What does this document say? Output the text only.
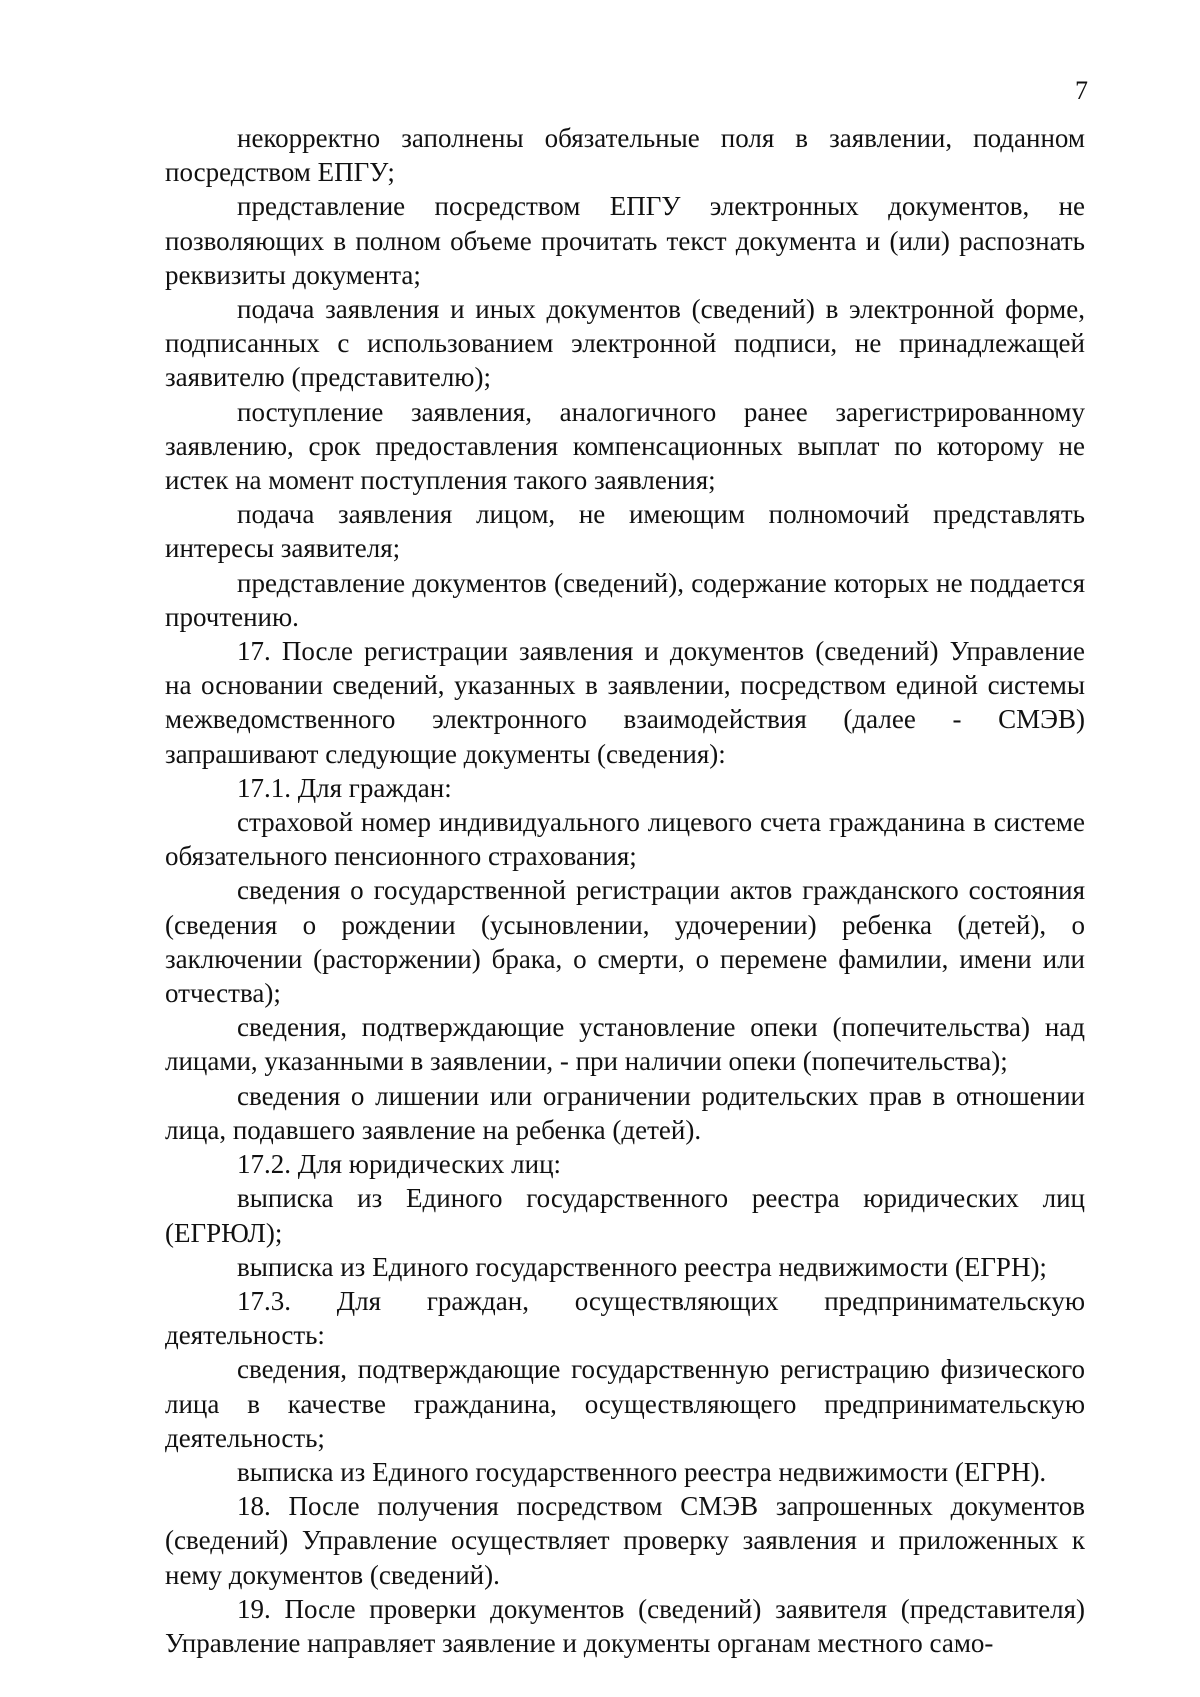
7

некорректно заполнены обязательные поля в заявлении, поданном посредством ЕПГУ;

представление посредством ЕПГУ электронных документов, не позволяющих в полном объеме прочитать текст документа и (или) распознать реквизиты документа;

подача заявления и иных документов (сведений) в электронной форме, подписанных с использованием электронной подписи, не принадлежащей заявителю (представителю);

поступление заявления, аналогичного ранее зарегистрированному заявлению, срок предоставления компенсационных выплат по которому не истек на момент поступления такого заявления;

подача заявления лицом, не имеющим полномочий представлять интересы заявителя;

представление документов (сведений), содержание которых не поддается прочтению.

17. После регистрации заявления и документов (сведений) Управление на основании сведений, указанных в заявлении, посредством единой системы межведомственного электронного взаимодействия (далее - СМЭВ) запрашивают следующие документы (сведения):

17.1. Для граждан:

страховой номер индивидуального лицевого счета гражданина в системе обязательного пенсионного страхования;

сведения о государственной регистрации актов гражданского состояния (сведения о рождении (усыновлении, удочерении) ребенка (детей), о заключении (расторжении) брака, о смерти, о перемене фамилии, имени или отчества);

сведения, подтверждающие установление опеки (попечительства) над лицами, указанными в заявлении, - при наличии опеки (попечительства);

сведения о лишении или ограничении родительских прав в отношении лица, подавшего заявление на ребенка (детей).

17.2. Для юридических лиц:

выписка из Единого государственного реестра юридических лиц (ЕГРЮЛ);

выписка из Единого государственного реестра недвижимости (ЕГРН);

17.3. Для граждан, осуществляющих предпринимательскую деятельность:

сведения, подтверждающие государственную регистрацию физического лица в качестве гражданина, осуществляющего предпринимательскую деятельность;

выписка из Единого государственного реестра недвижимости (ЕГРН).

18. После получения посредством СМЭВ запрошенных документов (сведений) Управление осуществляет проверку заявления и приложенных к нему документов (сведений).

19. После проверки документов (сведений) заявителя (представителя) Управление направляет заявление и документы органам местного само-
